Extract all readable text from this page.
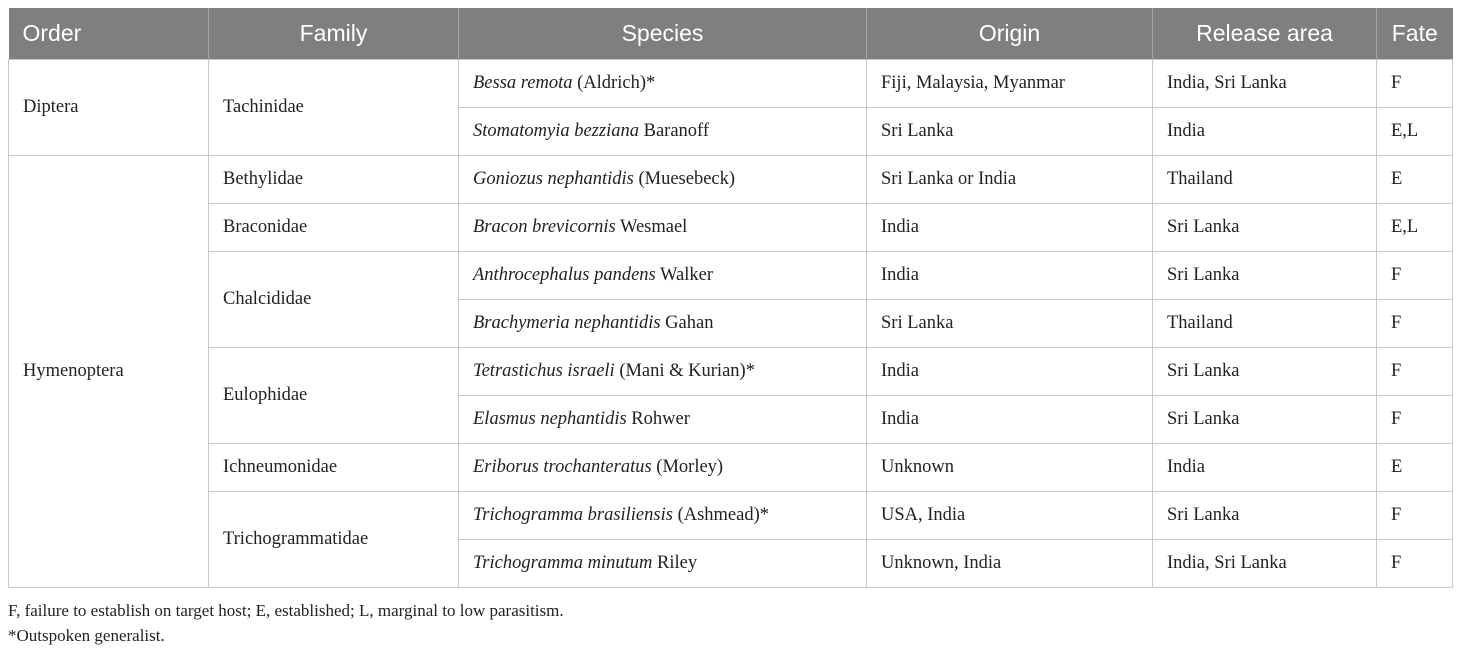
Order	Family	Species	Origin	Release area	Fate
Diptera	Tachinidae	Bessa remota (Aldrich)*	Fiji, Malaysia, Myanmar	India, Sri Lanka	F
		Stomatomyia bezziana Baranoff	Sri Lanka	India	E,L
Hymenoptera	Bethylidae	Goniozus nephantidis (Muesebeck)	Sri Lanka or India	Thailand	E
	Braconidae	Bracon brevicornis Wesmael	India	Sri Lanka	E,L
	Chalcididae	Anthrocephalus pandens Walker	India	Sri Lanka	F
		Brachymeria nephantidis Gahan	Sri Lanka	Thailand	F
	Eulophidae	Tetrastichus israeli (Mani & Kurian)*	India	Sri Lanka	F
		Elasmus nephantidis Rohwer	India	Sri Lanka	F
	Ichneumonidae	Eriborus trochanteratus (Morley)	Unknown	India	E
	Trichogrammatidae	Trichogramma brasiliensis (Ashmead)*	USA, India	Sri Lanka	F
		Trichogramma minutum Riley	Unknown, India	India, Sri Lanka	F
F, failure to establish on target host; E, established; L, marginal to low parasitism.
*Outspoken generalist.
